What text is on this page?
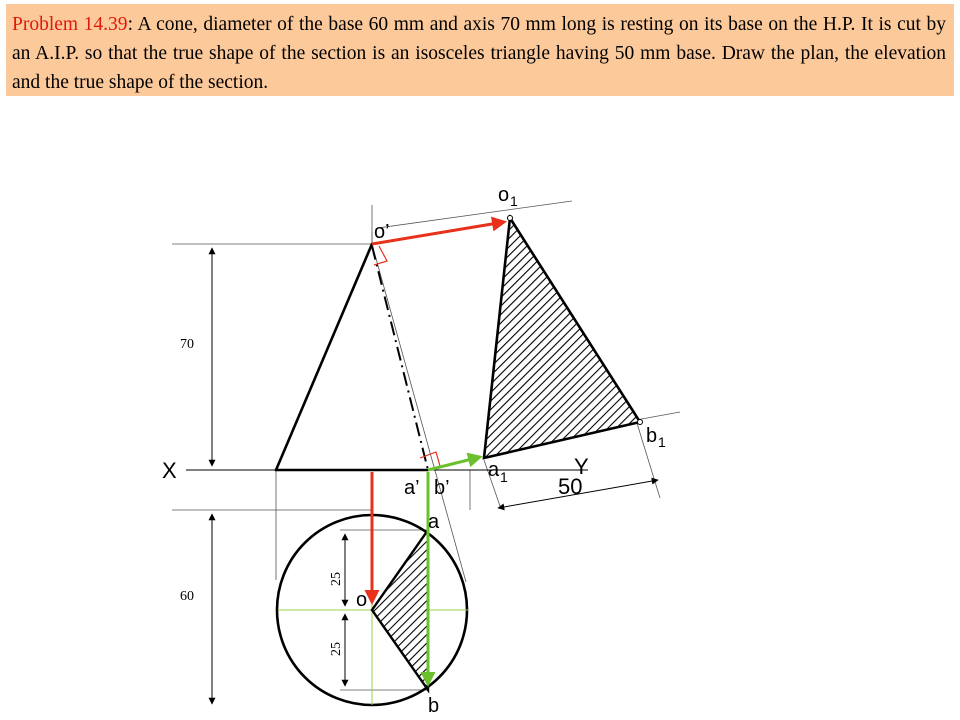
Problem 14.39: A cone, diameter of the base 60 mm and axis 70 mm long is resting on its base on the H.P. It is cut by an A.I.P. so that the true shape of the section is an isosceles triangle having 50 mm base. Draw the plan, the elevation and the true shape of the section.
70
60
25
25
X	Y
o’
o 1
b 1
a 1 50
a’ b’
a
b
o
